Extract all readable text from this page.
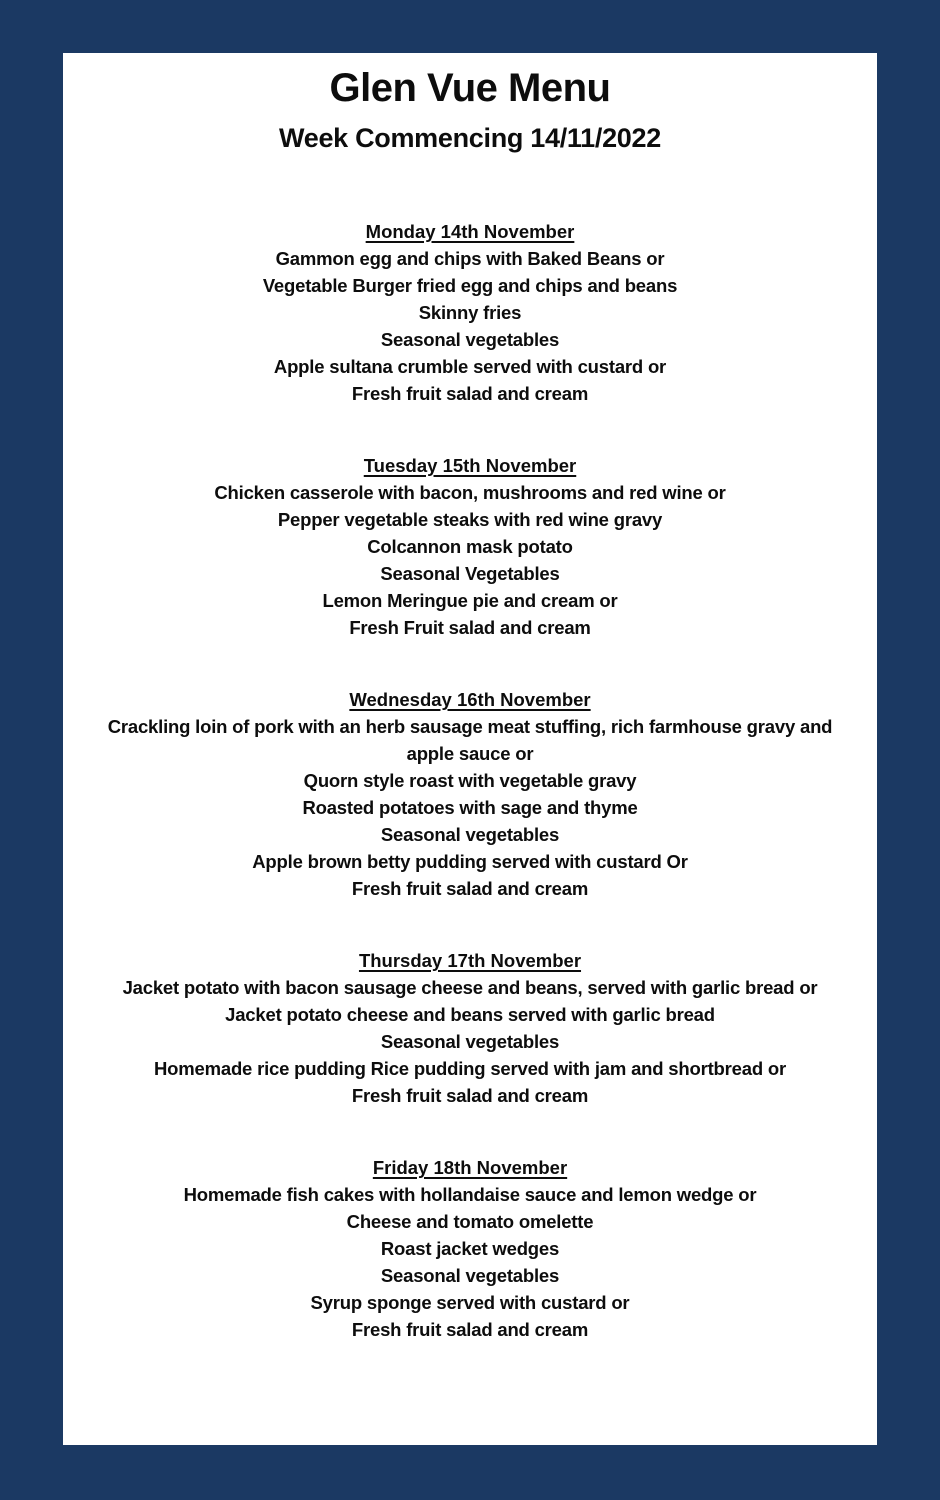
Glen Vue Menu
Week Commencing 14/11/2022
Monday 14th November
Gammon egg and chips with Baked Beans or
Vegetable Burger fried egg and chips and beans
Skinny fries
Seasonal vegetables
Apple sultana crumble served with custard or
Fresh fruit salad and cream
Tuesday 15th November
Chicken casserole with bacon, mushrooms and red wine or
Pepper vegetable steaks with red wine gravy
Colcannon mask potato
Seasonal Vegetables
Lemon Meringue pie and cream or
Fresh Fruit salad and cream
Wednesday 16th November
Crackling loin of pork with an herb sausage meat stuffing, rich farmhouse gravy and apple sauce or
Quorn style roast with vegetable gravy
Roasted potatoes with sage and thyme
Seasonal vegetables
Apple brown betty pudding served with custard Or
Fresh fruit salad and cream
Thursday 17th November
Jacket potato with bacon sausage cheese and beans, served with garlic bread or
Jacket potato cheese and beans served with garlic bread
Seasonal vegetables
Homemade rice pudding Rice pudding served with jam and shortbread or
Fresh fruit salad and cream
Friday 18th November
Homemade fish cakes with hollandaise sauce and lemon wedge or
Cheese and tomato omelette
Roast jacket wedges
Seasonal vegetables
Syrup sponge served with custard or
Fresh fruit salad and cream
